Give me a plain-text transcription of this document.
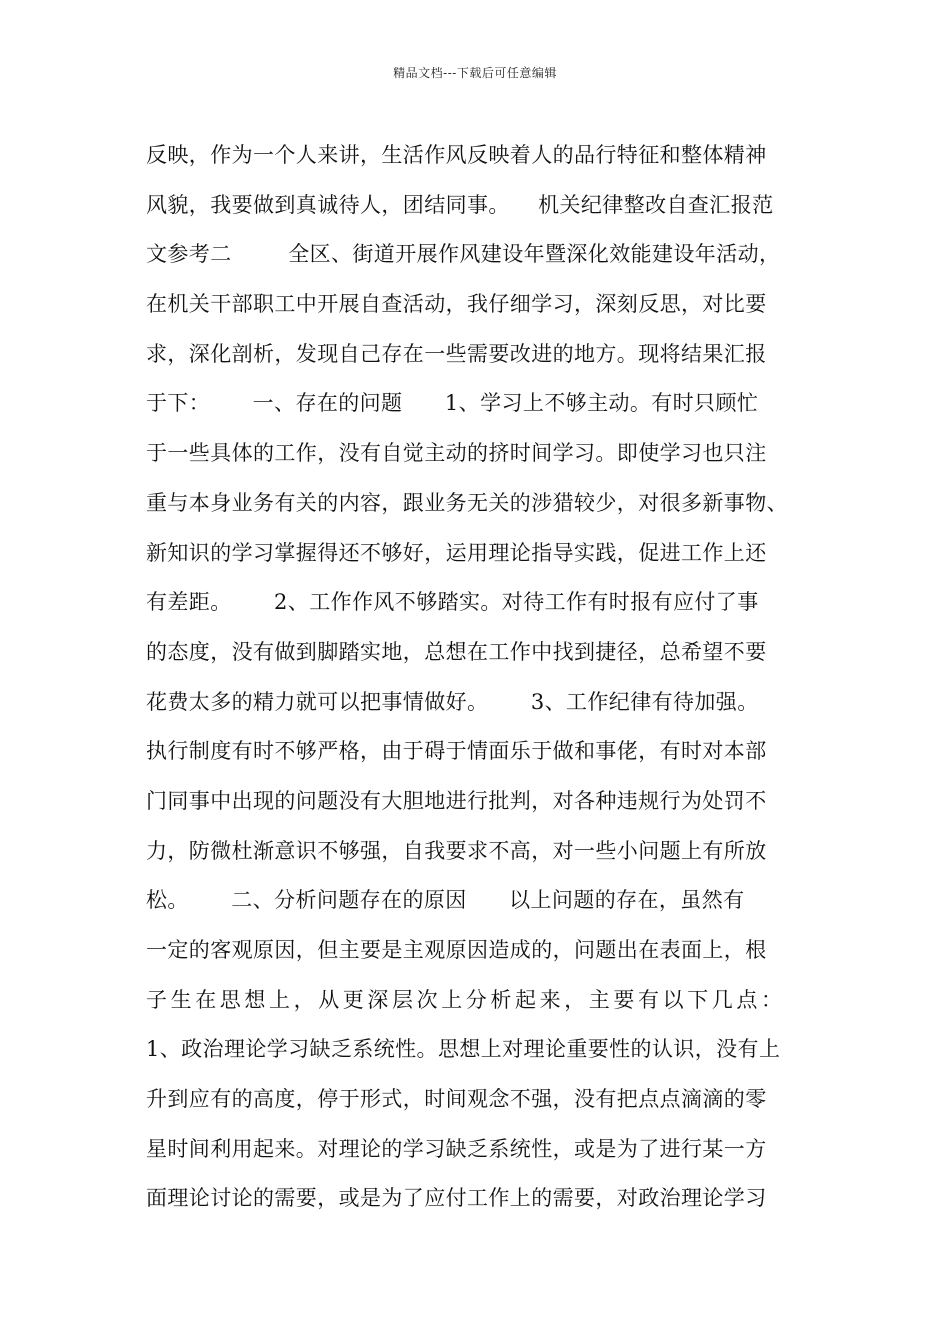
精品文档---下载后可任意编辑
反映，作为一个人来讲，生活作风反映着人的品行特征和整体精神
风貌，我要做到真诚待人，团结同事。    机关纪律整改自查汇报范
文参考二        全区、街道开展作风建设年暨深化效能建设年活动，
在机关干部职工中开展自查活动，我仔细学习，深刻反思，对比要
求，深化剖析，发现自己存在一些需要改进的地方。现将结果汇报
于下：      一、存在的问题      1、学习上不够主动。有时只顾忙
于一些具体的工作，没有自觉主动的挤时间学习。即使学习也只注
重与本身业务有关的内容，跟业务无关的涉猎较少，对很多新事物、
新知识的学习掌握得还不够好，运用理论指导实践，促进工作上还
有差距。      2、工作作风不够踏实。对待工作有时报有应付了事
的态度，没有做到脚踏实地，总想在工作中找到捷径，总希望不要
花费太多的精力就可以把事情做好。      3、工作纪律有待加强。
执行制度有时不够严格，由于碍于情面乐于做和事佬，有时对本部
门同事中出现的问题没有大胆地进行批判，对各种违规行为处罚不
力，防微杜渐意识不够强，自我要求不高，对一些小问题上有所放
松。      二、分析问题存在的原因      以上问题的存在，虽然有
一定的客观原因，但主要是主观原因造成的，问题出在表面上，根
子生在思想上，从更深层次上分析起来，主要有以下几点：
1、政治理论学习缺乏系统性。思想上对理论重要性的认识，没有上
升到应有的高度，停于形式，时间观念不强，没有把点点滴滴的零
星时间利用起来。对理论的学习缺乏系统性，或是为了进行某一方
面理论讨论的需要，或是为了应付工作上的需要，对政治理论学习
